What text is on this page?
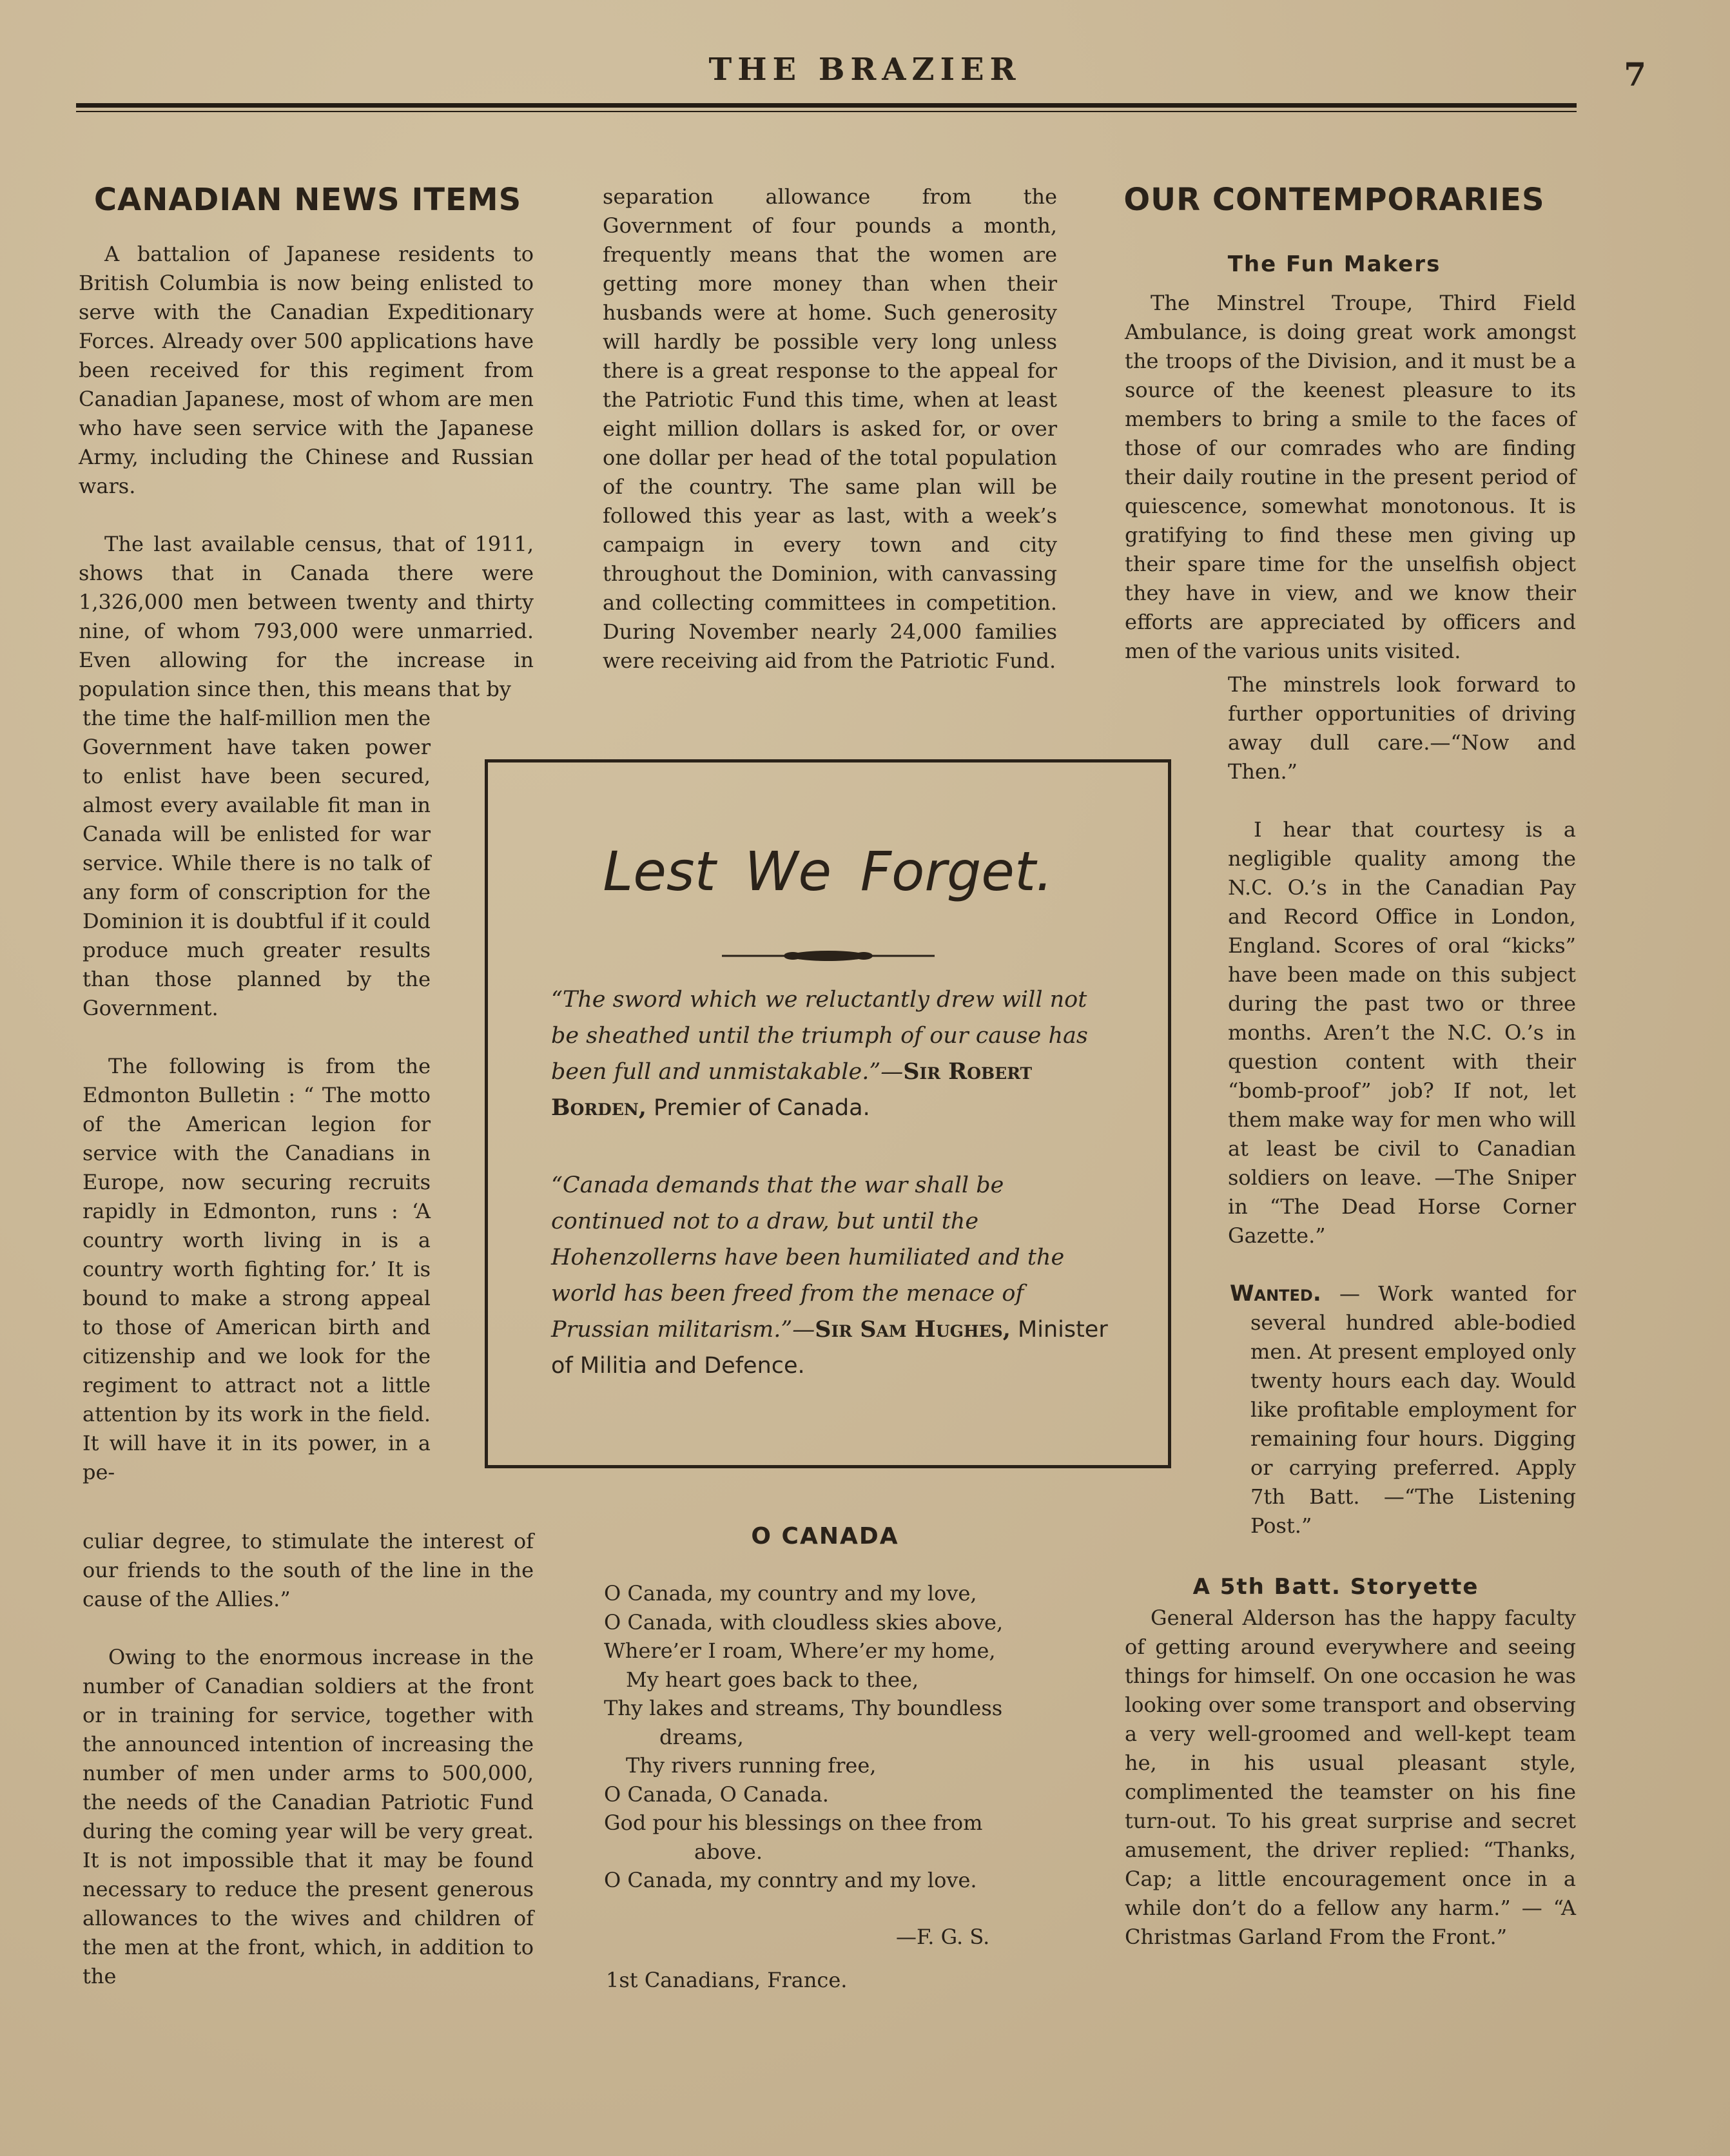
THE BRAZIER	7
CANADIAN NEWS ITEMS

A battalion of Japanese residents to British Columbia is now being enlisted to serve with the Canadian Expeditionary Forces. Already over 500 applications have been received for this regiment from Canadian Japanese, most of whom are men who have seen service with the Japanese Army, including the Chinese and Russian wars.

The last available census, that of 1911, shows that in Canada there were 1,326,000 men between twenty and thirty nine, of whom 793,000 were unmarried. Even allowing for the increase in population since then, this means that by

the time the half-million men the Government have taken power to enlist have been secured, almost every available fit man in Canada will be enlisted for war service. While there is no talk of any form of conscription for the Dominion it is doubtful if it could produce much greater results than those planned by the Government.

The following is from the Edmonton Bulletin : “ The motto of the American legion for service with the Canadians in Europe, now securing recruits rapidly in Edmonton, runs : ‘A country worth living in is a country worth fighting for.’ It is bound to make a strong appeal to those of American birth and citizenship and we look for the regiment to attract not a little attention by its work in the field. It will have it in its power, in a pe-

culiar degree, to stimulate the interest of our friends to the south of the line in the cause of the Allies.”

Owing to the enormous increase in the number of Canadian soldiers at the front or in training for service, together with the announced intention of increasing the number of men under arms to 500,000, the needs of the Canadian Patriotic Fund during the coming year will be very great. It is not impossible that it may be found necessary to reduce the present generous allowances to the wives and children of the men at the front, which, in addition to the

separation allowance from the Government of four pounds a month, frequently means that the women are getting more money than when their husbands were at home. Such generosity will hardly be possible very long unless there is a great response to the appeal for the Patriotic Fund this time, when at least eight million dollars is asked for, or over one dollar per head of the total population of the country. The same plan will be followed this year as last, with a week’s campaign in every town and city throughout the Dominion, with canvassing and collecting committees in competition. During November nearly 24,000 families were receiving aid from the Patriotic Fund.

Lest We Forget.
“The sword which we reluctantly drew will not be sheathed until the triumph of our cause has been full and unmistakable.”—Sir Robert Borden, Premier of Canada.
“Canada demands that the war shall be continued not to a draw, but until the Hohenzollerns have been humiliated and the world has been freed from the menace of Prussian militarism.”—Sir Sam Hughes, Minister of Militia and Defence.
O CANADA
O Canada, my country and my love,
O Canada, with cloudless skies above,
Where’er I roam, Where’er my home,
My heart goes back to thee,
Thy lakes and streams, Thy boundless
dreams,
Thy rivers running free,
O Canada, O Canada.
God pour his blessings on thee from
above.
O Canada, my conntry and my love.
—F. G. S.
1st Canadians, France.
OUR CONTEMPORARIES
The Fun Makers

The Minstrel Troupe, Third Field Ambulance, is doing great work amongst the troops of the Division, and it must be a source of the keenest pleasure to its members to bring a smile to the faces of those of our comrades who are finding their daily routine in the present period of quiescence, somewhat monotonous. It is gratifying to find these men giving up their spare time for the unselfish object they have in view, and we know their efforts are appreciated by officers and men of the various units visited.

The minstrels look forward to further opportunities of driving away dull care.—“Now and Then.”

I hear that courtesy is a negligible quality among the N.C. O.’s in the Canadian Pay and Record Office in London, England. Scores of oral “kicks” have been made on this subject during the past two or three months. Aren’t the N.C. O.’s in question content with their “bomb-proof” job? If not, let them make way for men who will at least be civil to Canadian soldiers on leave. —The Sniper in “The Dead Horse Corner Gazette.”

Wanted. — Work wanted for several hundred able-bodied men. At present employed only twenty hours each day. Would like profitable employment for remaining four hours. Digging or carrying preferred. Apply 7th Batt. —“The Listening Post.”
A 5th Batt. Storyette

General Alderson has the happy faculty of getting around everywhere and seeing things for himself. On one occasion he was looking over some transport and observing a very well-groomed and well-kept team he, in his usual pleasant style, complimented the teamster on his fine turn-out. To his great surprise and secret amusement, the driver replied: “Thanks, Cap; a little encouragement once in a while don’t do a fellow any harm.” — “A Christmas Garland From the Front.”
